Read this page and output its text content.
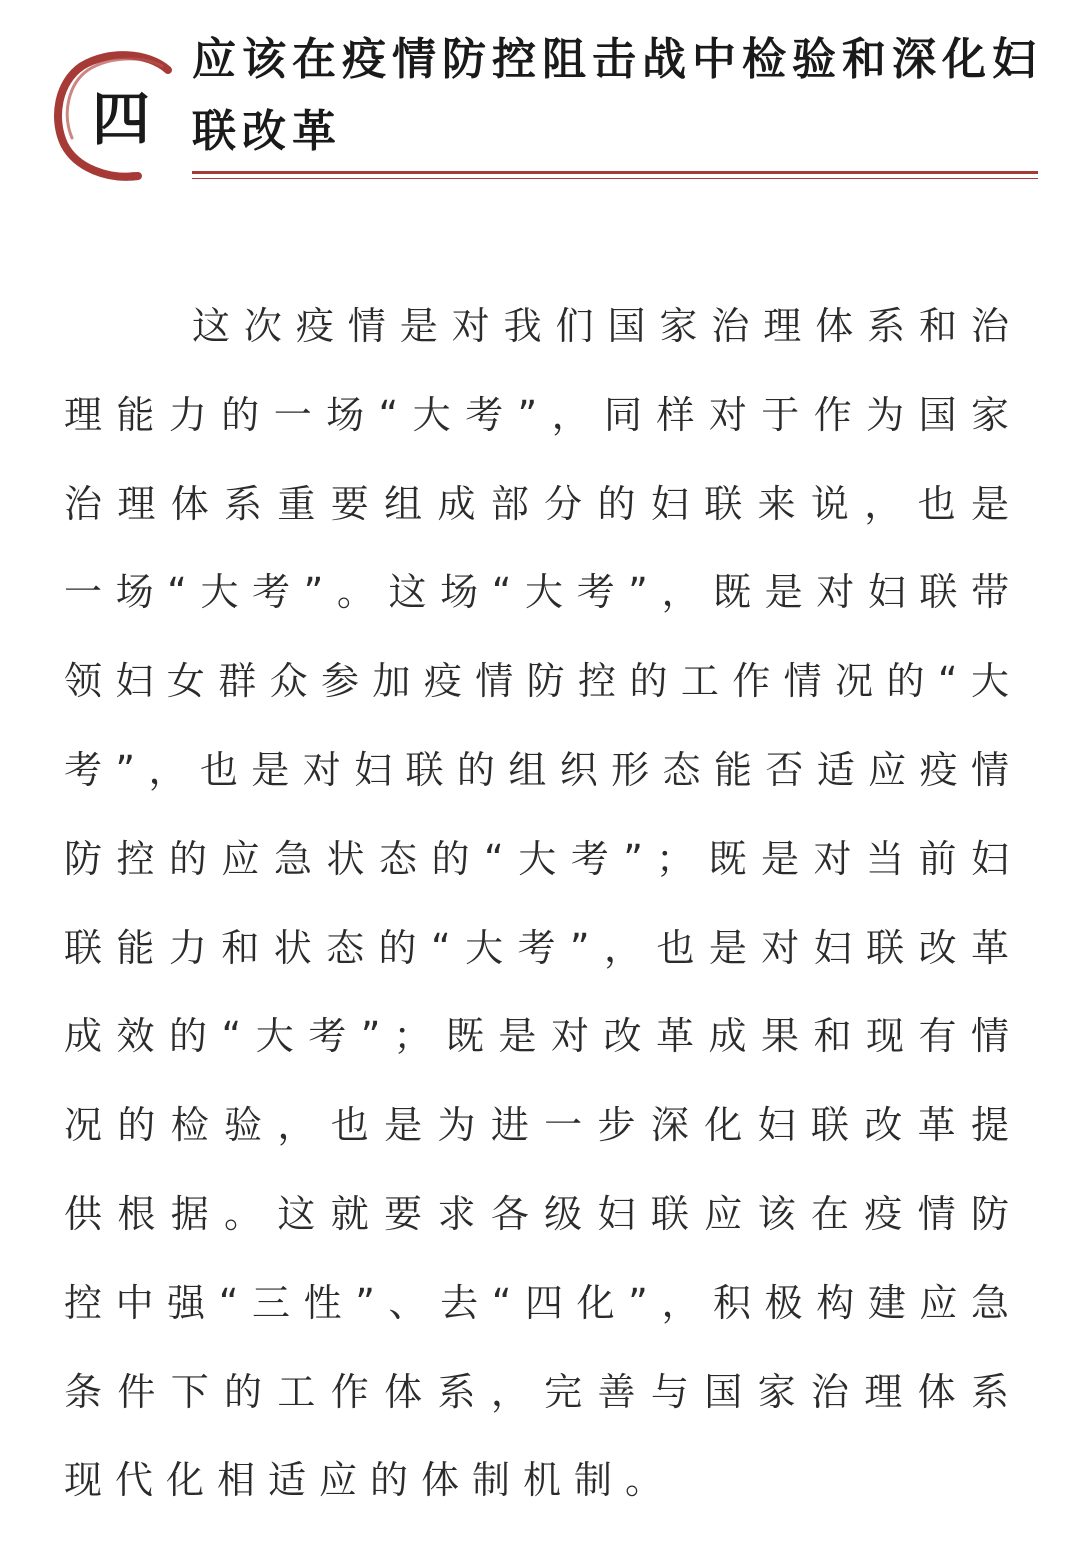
四
应该在疫情防控阻击战中检验和深化妇联改革

这次疫情是对我们国家治理体系和治理能力的一场“大考”，同样对于作为国家治理体系重要组成部分的妇联来说，也是一场“大考”。这场“大考”，既是对妇联带领妇女群众参加疫情防控的工作情况的“大考”，也是对妇联的组织形态能否适应疫情防控的应急状态的“大考”；既是对当前妇联能力和状态的“大考”，也是对妇联改革成效的“大考”；既是对改革成果和现有情况的检验，也是为进一步深化妇联改革提供根据。这就要求各级妇联应该在疫情防控中强“三性”、去“四化”，积极构建应急条件下的工作体系，完善与国家治理体系现代化相适应的体制机制。
